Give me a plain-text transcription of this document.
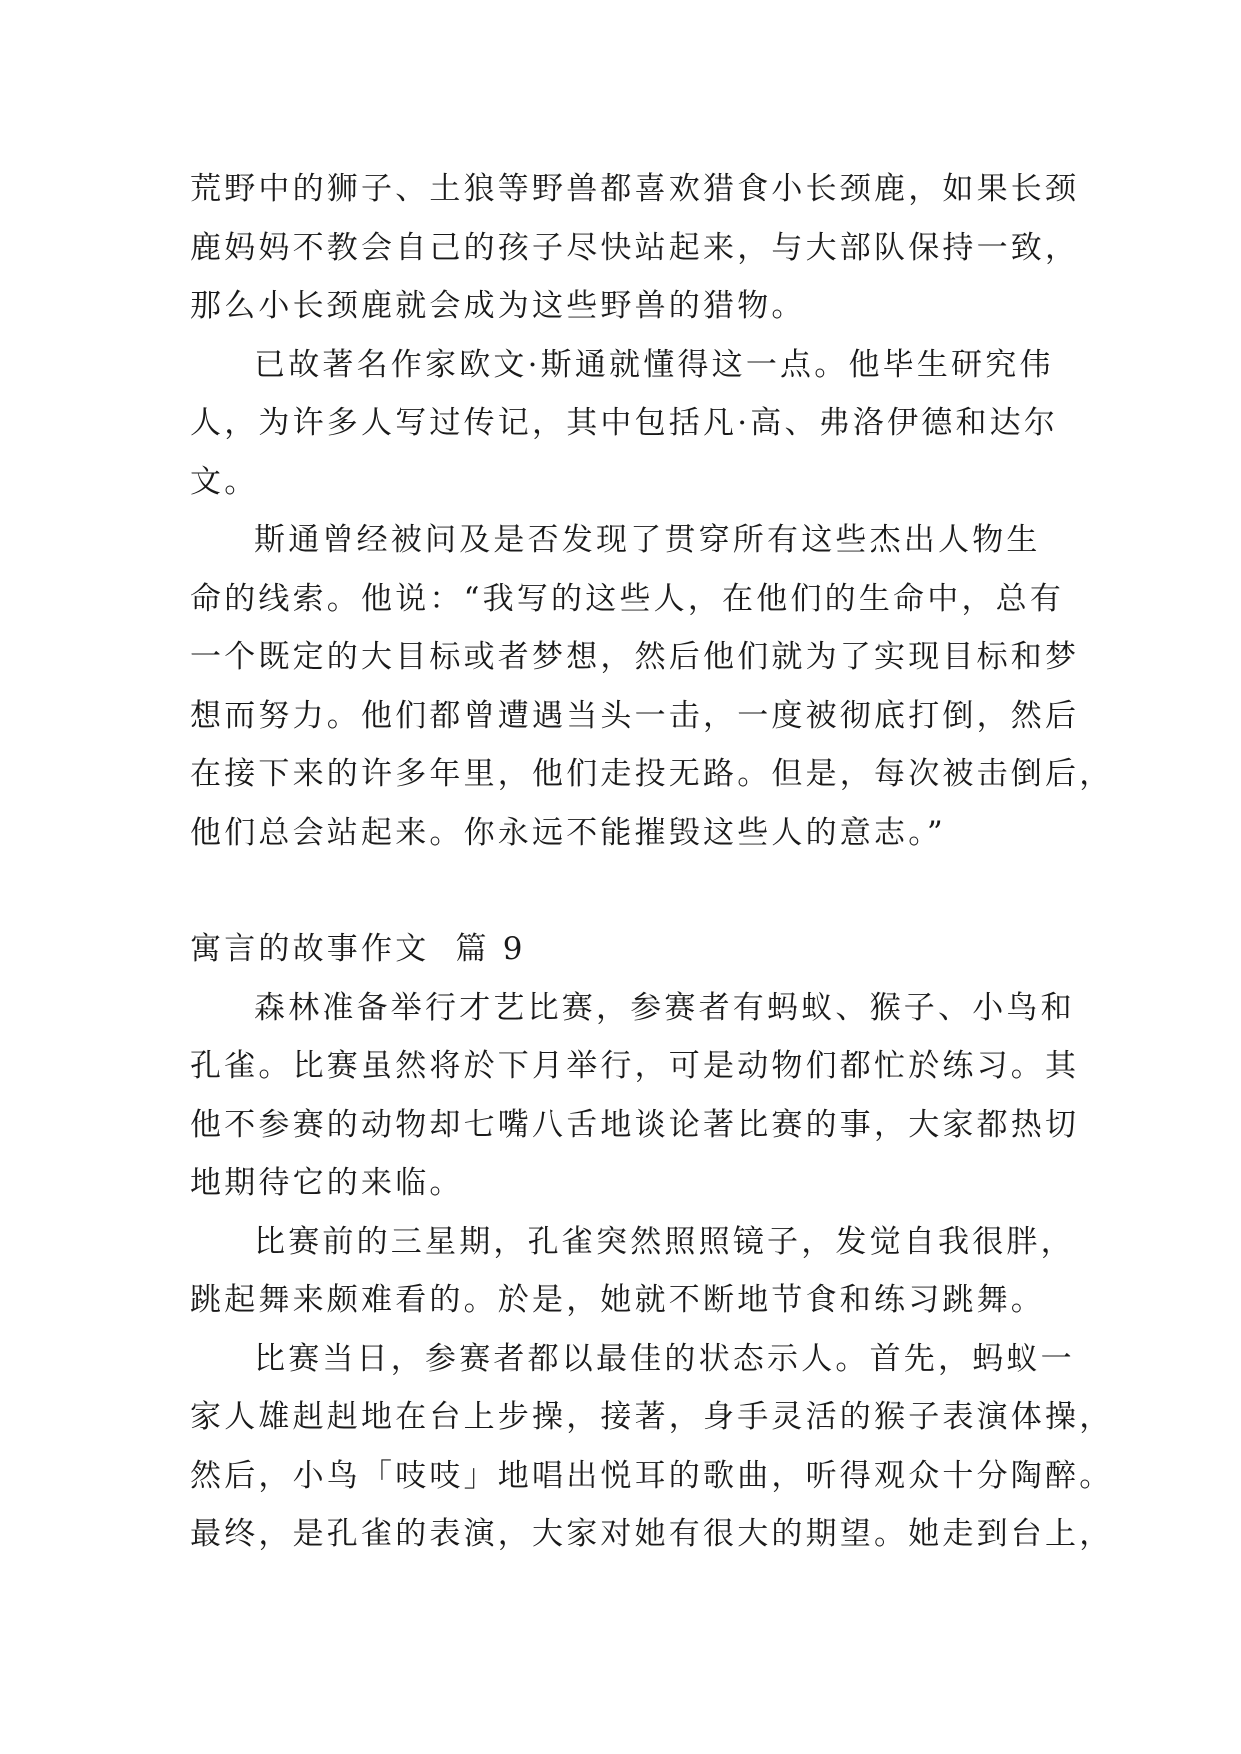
荒野中的狮子、土狼等野兽都喜欢猎食小长颈鹿，如果长颈
鹿妈妈不教会自己的孩子尽快站起来，与大部队保持一致，
那么小长颈鹿就会成为这些野兽的猎物。

已故著名作家欧文·斯通就懂得这一点。他毕生研究伟
人，为许多人写过传记，其中包括凡·高、弗洛伊德和达尔
文。

斯通曾经被问及是否发现了贯穿所有这些杰出人物生
命的线索。他说：“我写的这些人，在他们的生命中，总有
一个既定的大目标或者梦想，然后他们就为了实现目标和梦
想而努力。他们都曾遭遇当头一击，一度被彻底打倒，然后
在接下来的许多年里，他们走投无路。但是，每次被击倒后，
他们总会站起来。你永远不能摧毁这些人的意志。”

寓言的故事作文  篇 9

森林准备举行才艺比赛，参赛者有蚂蚁、猴子、小鸟和
孔雀。比赛虽然将於下月举行，可是动物们都忙於练习。其
他不参赛的动物却七嘴八舌地谈论著比赛的事，大家都热切
地期待它的来临。

比赛前的三星期，孔雀突然照照镜子，发觉自我很胖，
跳起舞来颇难看的。於是，她就不断地节食和练习跳舞。

比赛当日，参赛者都以最佳的状态示人。首先，蚂蚁一
家人雄赳赳地在台上步操，接著，身手灵活的猴子表演体操，
然后，小鸟「吱吱」地唱出悦耳的歌曲，听得观众十分陶醉。
最终，是孔雀的表演，大家对她有很大的期望。她走到台上，
